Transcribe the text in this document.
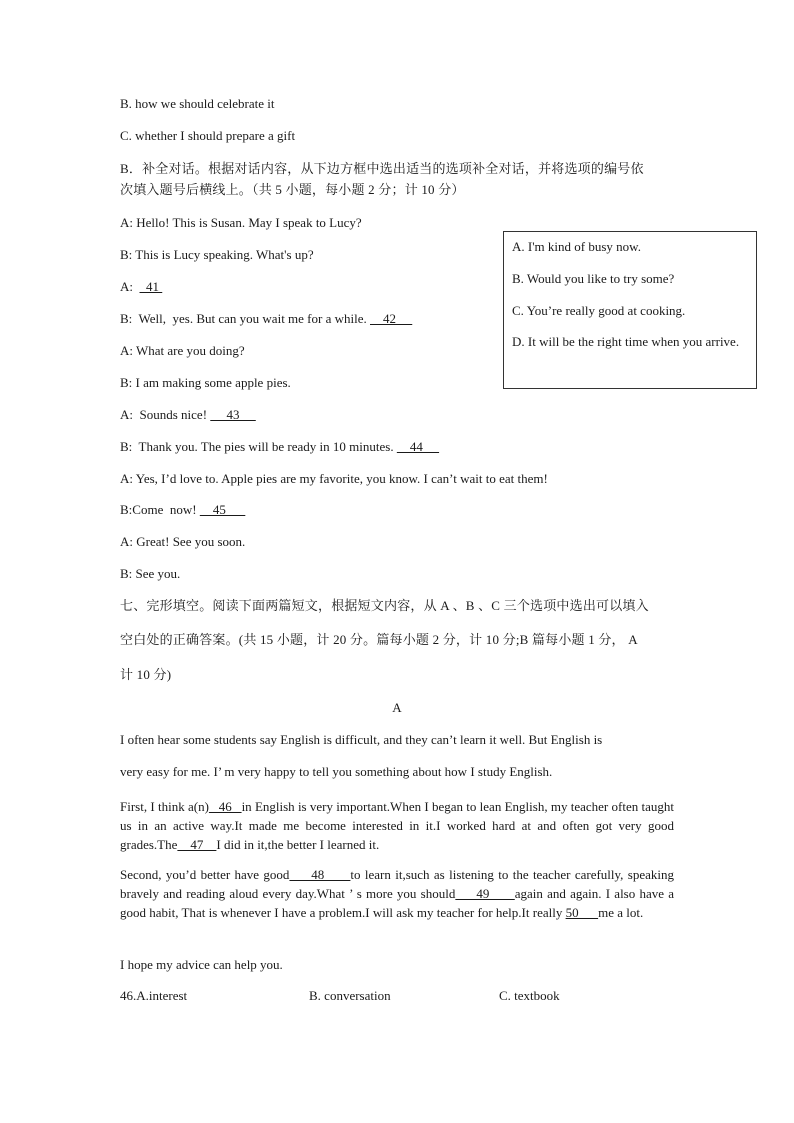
B. how we should celebrate it
C. whether I should prepare a gift
B．补全对话。根据对话内容，从下边方框中选出适当的选项补全对话，并将选项的编号依
次填入题号后横线上。（共 5 小题，每小题 2 分；计 10 分）
A: Hello! This is Susan. May I speak to Lucy?
B: This is Lucy speaking. What's up?
A:    41
B:  Well,  yes. But can you wait me for a while.     42
A: What are you doing?
B: I am making some apple pies.
A:  Sounds nice!      43
B:  Thank you. The pies will be ready in 10 minutes.     44
A: Yes, I’d love to. Apple pies are my favorite, you know. I can’t wait to eat them!
B:Come  now!     45
A: Great! See you soon.
B: See you.
A. I'm kind of busy now.
B. Would you like to try some?
C. You’re really good at cooking.
D. It will be the right time when you arrive.
七、完形填空。阅读下面两篇短文，根据短文内容，从 A 、B 、C 三个选项中选出可以填入
空白处的正确答案。(共 15 小题，计 20 分。篇每小题 2 分，计 10 分;B 篇每小题 1 分， A
计 10 分)
A
I often hear some students say English is difficult, and they can’t learn it well. But English is
very easy for me. I’ m very happy to tell you something about how I study English.
First, I think a(n)   46   in English is very important.When I began to lean English, my teacher often taught us in an active way.It made me become interested in it.I worked hard at and often got very good grades.The    47    I did in it,the better I learned it.
Second, you’d better have good     48      to learn it,such as listening to the teacher carefully, speaking bravely and reading aloud every day.What ’ s more you should     49      again and again. I also have a good habit, That is whenever I have a problem.I will ask my teacher for help.It really 50      me a lot.
I hope my advice can help you.
46.A.interest	B. conversation	C. textbook
